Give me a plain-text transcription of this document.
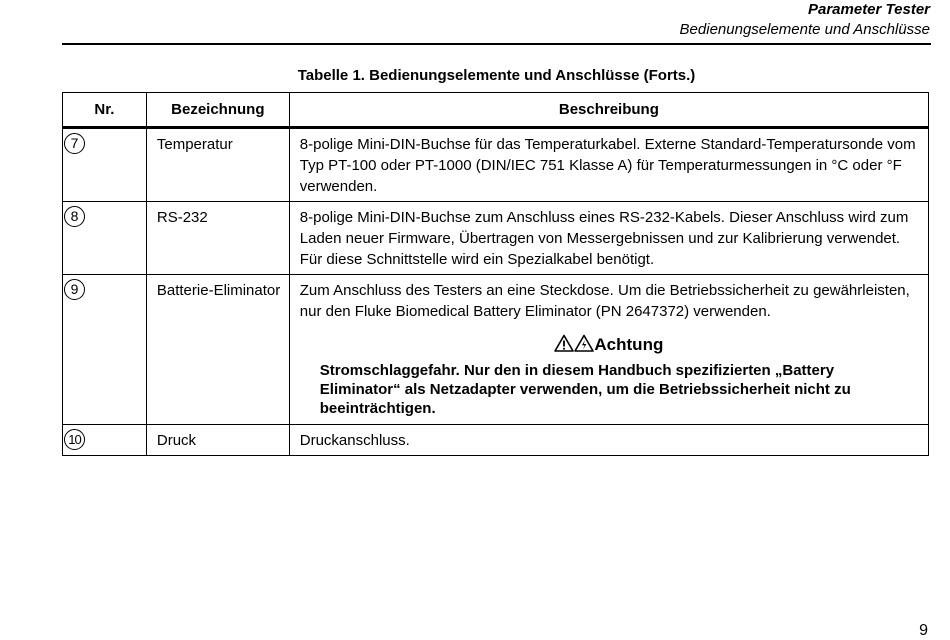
Parameter Tester
Bedienungselemente und Anschlüsse
Tabelle 1. Bedienungselemente und Anschlüsse (Forts.)
Nr.	Bezeichnung	Beschreibung
7	Temperatur	8-polige Mini-DIN-Buchse für das Temperaturkabel. Externe Standard-Temperatursonde vom Typ PT-100 oder PT-1000 (DIN/IEC 751 Klasse A) für Temperaturmessungen in °C oder °F verwenden.
8	RS-232	8-polige Mini-DIN-Buchse zum Anschluss eines RS-232-Kabels. Dieser Anschluss wird zum Laden neuer Firmware, Übertragen von Messergebnissen und zur Kalibrierung verwendet. Für diese Schnittstelle wird ein Spezialkabel benötigt.
9	Batterie-Eliminator	Zum Anschluss des Testers an eine Steckdose. Um die Betriebssicherheit zu gewährleisten, nur den Fluke Biomedical Battery Eliminator (PN 2647372) verwenden.
Achtung
Stromschlaggefahr. Nur den in diesem Handbuch spezifizierten „Battery Eliminator“ als Netzadapter verwenden, um die Betriebssicherheit nicht zu beeinträchtigen.

10	Druck	Druckanschluss.
9
